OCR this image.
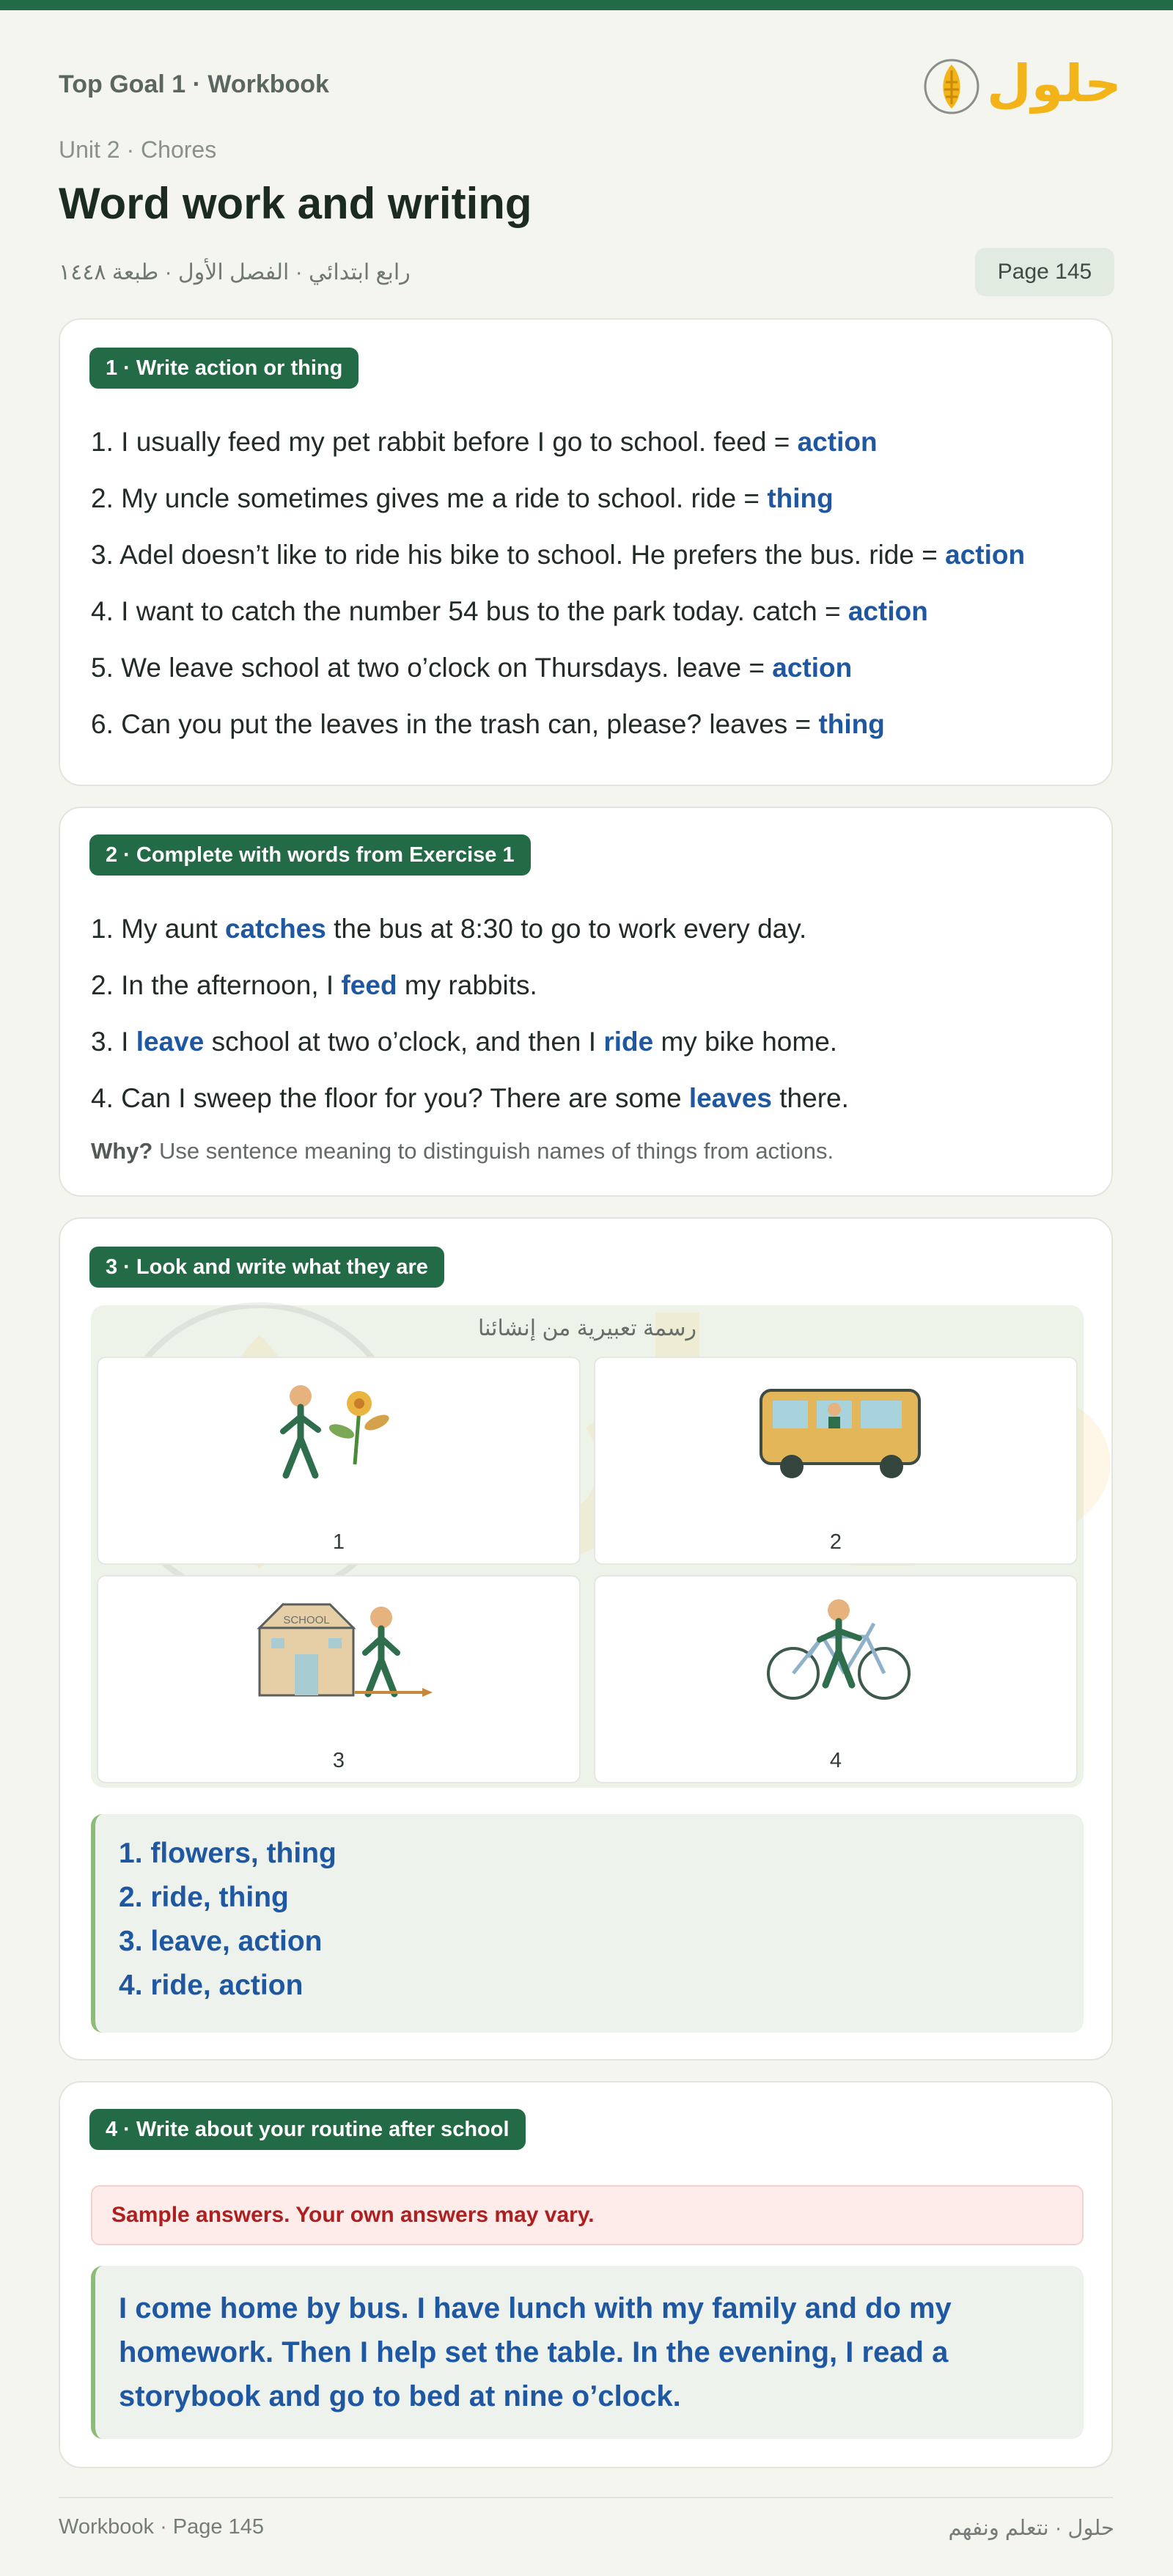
Top Goal 1 · Workbook	حلول
Unit 2 · Chores
Word work and writing
رابع ابتدائي · الفصل الأول · طبعة ١٤٤٨	Page 145
1 · Write action or thing
1. I usually feed my pet rabbit before I go to school. feed = action
2. My uncle sometimes gives me a ride to school. ride = thing
3. Adel doesn’t like to ride his bike to school. He prefers the bus. ride = action
4. I want to catch the number 54 bus to the park today. catch = action
5. We leave school at two o’clock on Thursdays. leave = action
6. Can you put the leaves in the trash can, please? leaves = thing
2 · Complete with words from Exercise 1
1. My aunt catches the bus at 8:30 to go to work every day.
2. In the afternoon, I feed my rabbits.
3. I leave school at two o’clock, and then I ride my bike home.
4. Can I sweep the floor for you? There are some leaves there.
Why? Use sentence meaning to distinguish names of things from actions.
3 · Look and write what they are
رسمة تعبيرية من إنشائنا
1	2
SCHOOL
3	4
1. flowers, thing
2. ride, thing
3. leave, action
4. ride, action
4 · Write about your routine after school
Sample answers. Your own answers may vary.
I come home by bus. I have lunch with my family and do my homework. Then I help set the table. In the evening, I read a storybook and go to bed at nine o’clock.
Workbook · Page 145	حلول · نتعلم ونفهم
